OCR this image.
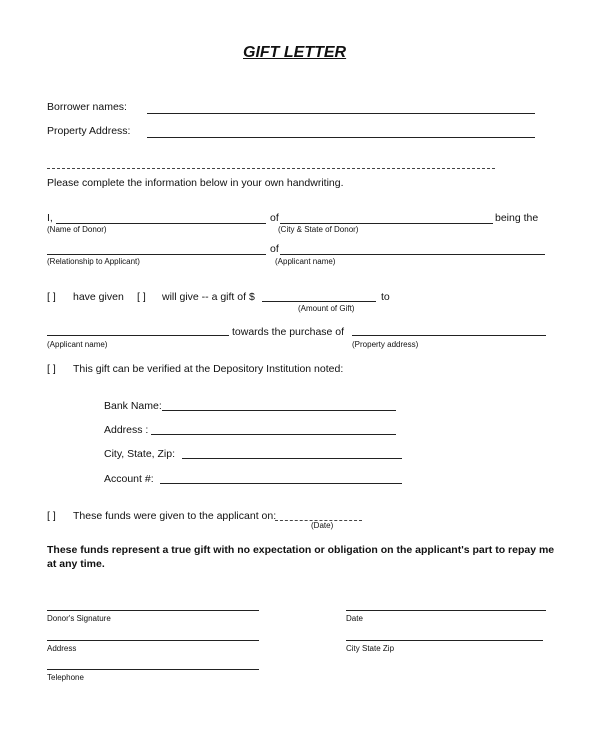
GIFT LETTER
Borrower names:
Property Address:
Please complete the information below in your own handwriting.
I,	of	being the
(Name of Donor)	(City & State of Donor)
of
(Relationship to Applicant)	(Applicant name)
[ ] have given [ ] will give -- a gift of $	to
(Amount of Gift)
towards the purchase of
(Applicant name)	(Property address)
[ ] This gift can be verified at the Depository Institution noted:
Bank Name:
Address :
City, State, Zip:
Account #:
[ ] These funds were given to the applicant on:
(Date)
These funds represent a true gift with no expectation or obligation on the applicant's part to repay me at any time.
Donor's Signature	Date
Address	City State Zip
Telephone
